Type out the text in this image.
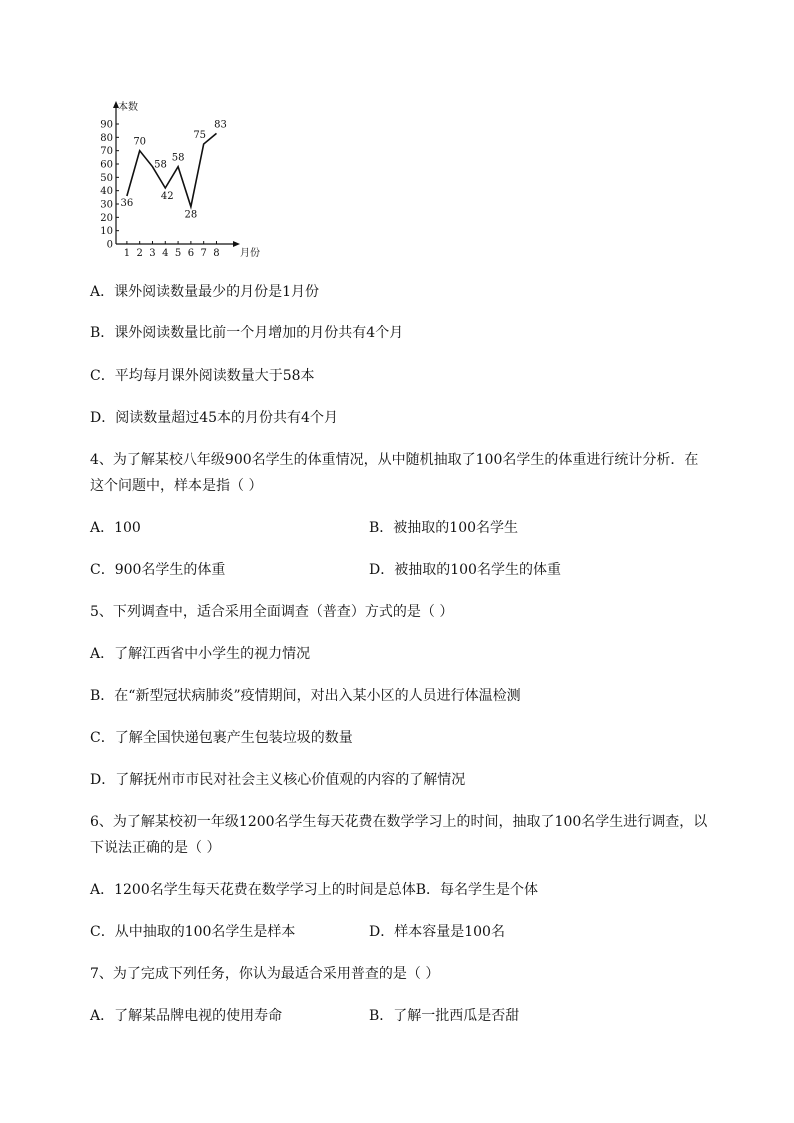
0
10
20
30
40
50
60
70
80
90
1 2 3 4 5 6 7 8
36
70
58
42
58
28
75
83
本数
月份
A．课外阅读数量最少的月份是1月份
B．课外阅读数量比前一个月增加的月份共有4个月
C．平均每月课外阅读数量大于58本
D．阅读数量超过45本的月份共有4个月
4、为了解某校八年级900名学生的体重情况，从中随机抽取了100名学生的体重进行统计分析．在
这个问题中，样本是指（ ）
A．100	B．被抽取的100名学生
C．900名学生的体重	D．被抽取的100名学生的体重
5、下列调查中，适合采用全面调查（普查）方式的是（ ）
A．了解江西省中小学生的视力情况
B．在“新型冠状病肺炎”疫情期间，对出入某小区的人员进行体温检测
C．了解全国快递包裹产生包装垃圾的数量
D．了解抚州市市民对社会主义核心价值观的内容的了解情况
6、为了解某校初一年级1200名学生每天花费在数学学习上的时间，抽取了100名学生进行调查，以
下说法正确的是（ ）
A．1200名学生每天花费在数学学习上的时间是总体B．每名学生是个体
C．从中抽取的100名学生是样本	D．样本容量是100名
7、为了完成下列任务，你认为最适合采用普查的是（ ）
A．了解某品牌电视的使用寿命	B．了解一批西瓜是否甜
